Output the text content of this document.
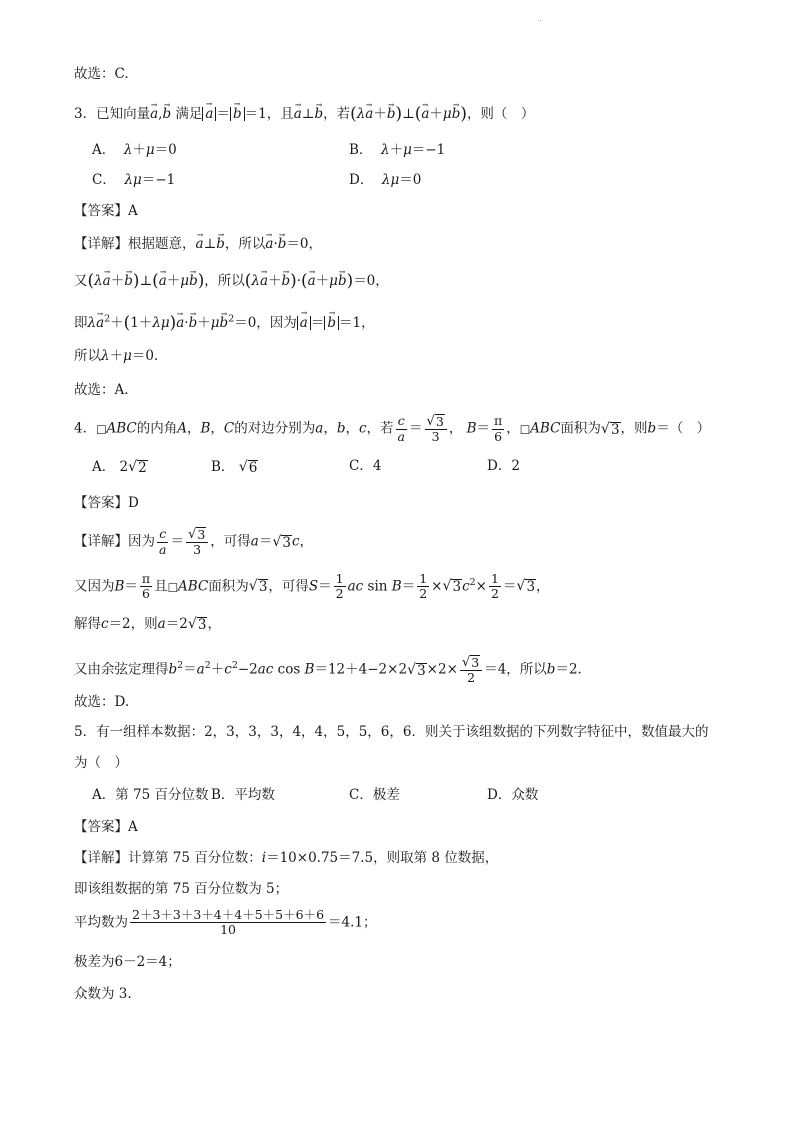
故选：C.
3．已知向量→ a,→ b 满足 → a ＝ → b ＝1，且→ a⊥→ b，若(λ→ a＋→ b)⊥(→ a＋μ→ b)，则（　）
A． λ＋μ＝0	B． λ＋μ＝−1
C． λμ＝−1	D． λμ＝0
【答案】A
【详解】根据题意，→ a⊥→ b，所以→ a·→ b＝0，
又(λ→ a＋→ b)⊥(→ a＋μ→ b)，所以(λ→ a＋→ b)·(→ a＋μ→ b)＝0，
即$\lambda\to a^2+(1+\lambda\mu)\to a\cdot\to b+\mu\to b^2=0$，因为 → a ＝ → b ＝1，
所以λ＋μ＝0.
故选：A.
4．□ABC的内角A，B，C的对边分别为a，b，c，若 $\frac{c}{a} = \frac{√ 3}{3}$ ， $B= \frac{\pi}{6}$ ，□ABC面积为 √ 3 ，则b＝（　）
A． 2 √ 2	B． √ 6	C．4	D．2
【答案】D
【详解】因为 $\frac{c}{a} = \frac{√ 3}{3}$ ，可得a＝ √ 3 c，
又因为$B= \frac{\pi}{6}$ 且□ABC面积为 √ 3 ，可得$S= \frac{1}{2}$ ac $\sin B= \frac{1}{2}$ × √ 3 $c^2\times \frac{1}{2}$ ＝ √ 3 ，
解得c＝2，则a＝2 √ 3 ，
又由余弦定理得$b^2=a^2+c^2-2ac$ cos B＝12＋4−2×2 √ $3 \times 2\times \frac{√ 3}{2} =4$，所以b＝2.
故选：D.
5．有一组样本数据：2，3，3，3，4，4，5，5，6，6．则关于该组数据的下列数字特征中，数值最大的
为（　）
A．第 75 百分位数 B．平均数	C．极差	D．众数
【答案】A
【详解】计算第 75 百分位数：i＝10×0.75＝7.5，则取第 8 位数据，
即该组数据的第 75 百分位数为 5；
平均数为 $\frac{2+3+3+3+4+4+5+5+6+6}{10} =4.1$；
极差为6－2＝4；
众数为 3.
